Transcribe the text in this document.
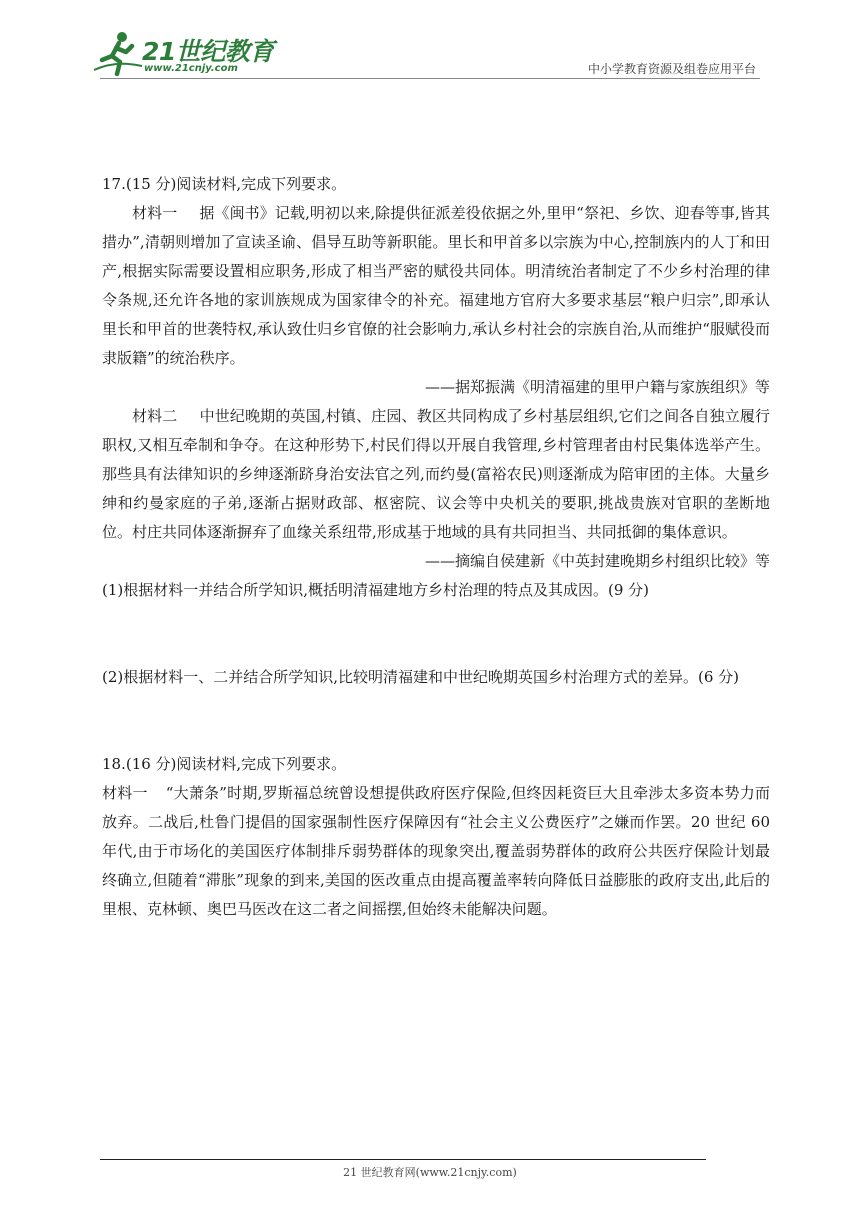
21世纪教育
www.21cnjy.com	中小学教育资源及组卷应用平台

17.(15 分)阅读材料,完成下列要求。

材料一 据《闽书》记载,明初以来,除提供征派差役依据之外,里甲“祭祀、乡饮、迎春等事,皆其措办”,清朝则增加了宣读圣谕、倡导互助等新职能。里长和甲首多以宗族为中心,控制族内的人丁和田产,根据实际需要设置相应职务,形成了相当严密的赋役共同体。明清统治者制定了不少乡村治理的律令条规,还允许各地的家训族规成为国家律令的补充。福建地方官府大多要求基层“粮户归宗”,即承认里长和甲首的世袭特权,承认致仕归乡官僚的社会影响力,承认乡村社会的宗族自治,从而维护“服赋役而隶版籍”的统治秩序。

——据郑振满《明清福建的里甲户籍与家族组织》等

材料二 中世纪晚期的英国,村镇、庄园、教区共同构成了乡村基层组织,它们之间各自独立履行职权,又相互牵制和争夺。在这种形势下,村民们得以开展自我管理,乡村管理者由村民集体选举产生。那些具有法律知识的乡绅逐渐跻身治安法官之列,而约曼(富裕农民)则逐渐成为陪审团的主体。大量乡绅和约曼家庭的子弟,逐渐占据财政部、枢密院、议会等中央机关的要职,挑战贵族对官职的垄断地位。村庄共同体逐渐摒弃了血缘关系纽带,形成基于地域的具有共同担当、共同抵御的集体意识。

——摘编自侯建新《中英封建晚期乡村组织比较》等

(1)根据材料一并结合所学知识,概括明清福建地方乡村治理的特点及其成因。(9 分)

(2)根据材料一、二并结合所学知识,比较明清福建和中世纪晚期英国乡村治理方式的差异。(6 分)

18.(16 分)阅读材料,完成下列要求。

材料一 “大萧条”时期,罗斯福总统曾设想提供政府医疗保险,但终因耗资巨大且牵涉太多资本势力而放弃。二战后,杜鲁门提倡的国家强制性医疗保障因有“社会主义公费医疗”之嫌而作罢。20 世纪 60 年代,由于市场化的美国医疗体制排斥弱势群体的现象突出,覆盖弱势群体的政府公共医疗保险计划最终确立,但随着“滞胀”现象的到来,美国的医改重点由提高覆盖率转向降低日益膨胀的政府支出,此后的里根、克林顿、奥巴马医改在这二者之间摇摆,但始终未能解决问题。

21 世纪教育网(www.21cnjy.com)
